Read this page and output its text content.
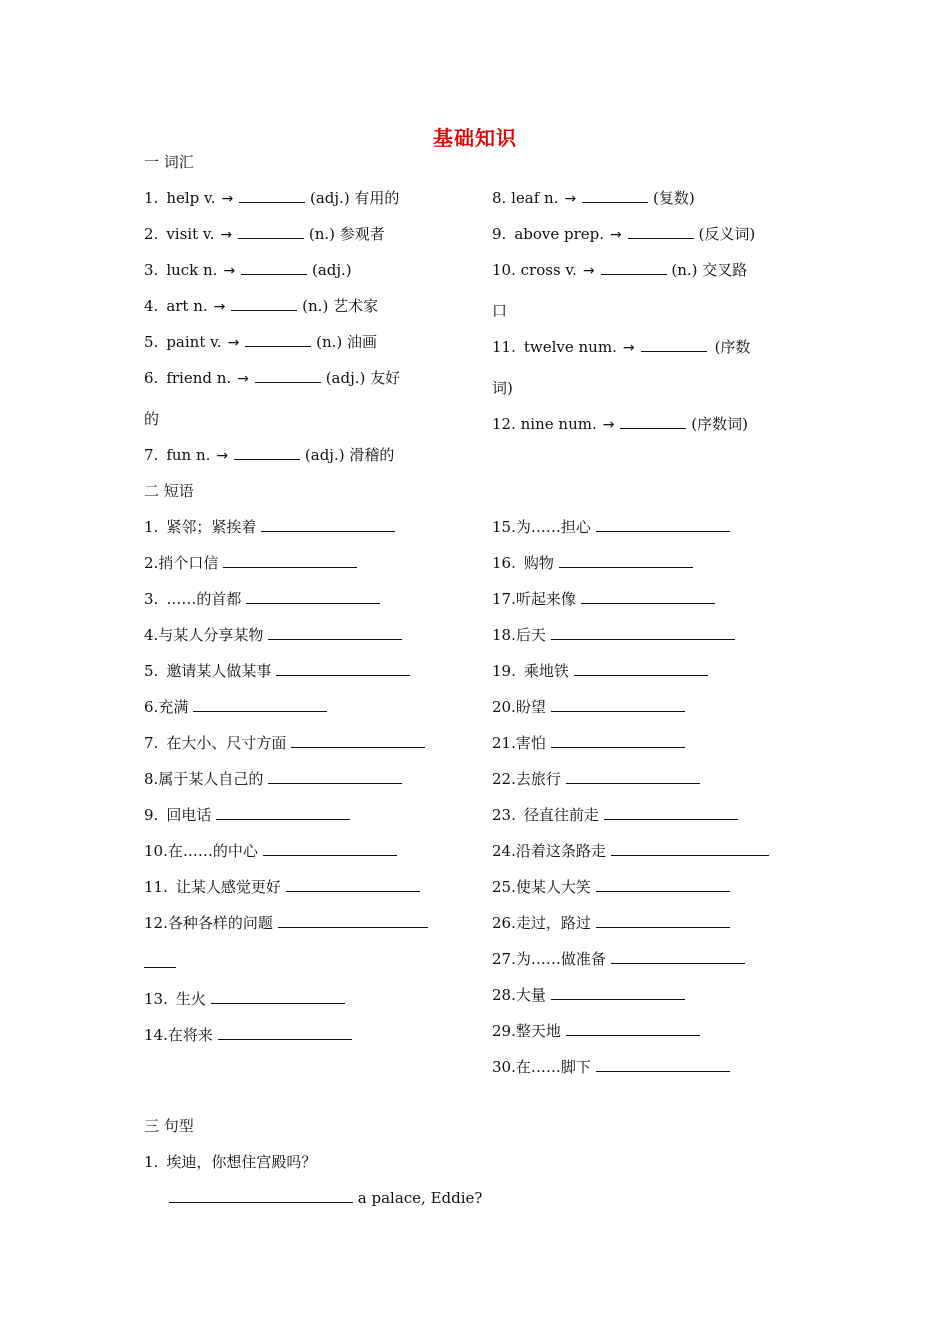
基础知识
一 词汇
1. help v. →	(adj.) 有用的
2. visit v. →	(n.) 参观者
3. luck n. →	(adj.)
4. art n. →	(n.) 艺术家
5. paint v. →	(n.) 油画
6. friend n. →	(adj.) 友好
的
7. fun n. →	(adj.) 滑稽的
8. leaf n. →	(复数)
9. above prep. →	(反义词)
10. cross v. →	(n.) 交叉路
口
11. twelve num. →	(序数
词)
12. nine num. →	(序数词)
二 短语
1. 紧邻；紧挨着
2.捎个口信
3. ……的首都
4.与某人分享某物
5. 邀请某人做某事
6.充满
7. 在大小、尺寸方面
8.属于某人自己的
9. 回电话
10.在……的中心
11. 让某人感觉更好
12.各种各样的问题
13. 生火
14.在将来
15.为……担心
16. 购物
17.听起来像
18.后天
19. 乘地铁
20.盼望
21.害怕
22.去旅行
23. 径直往前走
24.沿着这条路走
25.使某人大笑
26.走过，路过
27.为……做准备
28.大量
29.整天地
30.在……脚下
三 句型
1. 埃迪，你想住宫殿吗？
a palace, Eddie?
